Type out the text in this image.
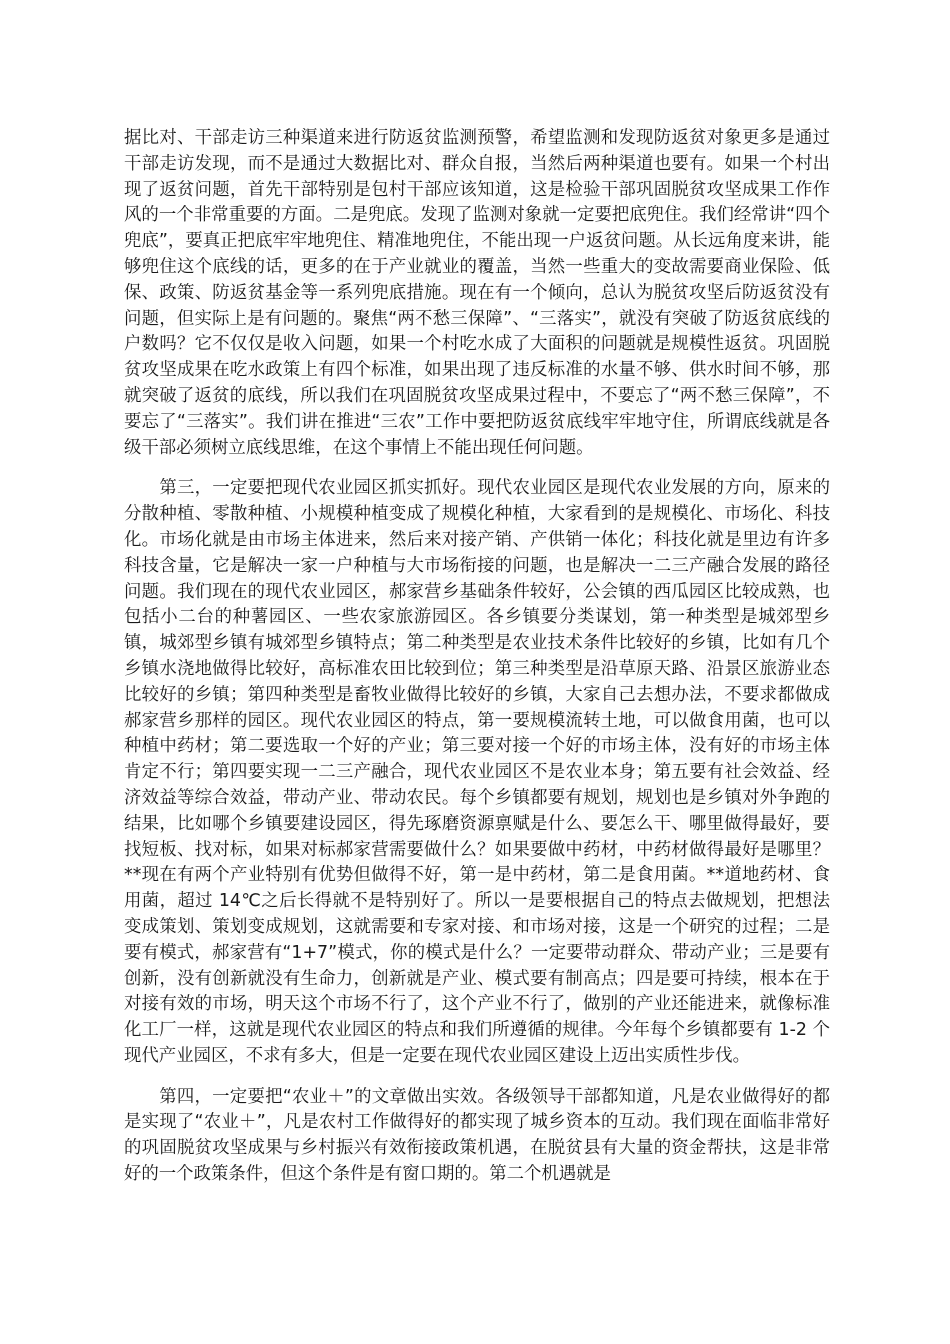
据比对、干部走访三种渠道来进行防返贫监测预警，希望监测和发现防返贫对象更多是通过干部走访发现，而不是通过大数据比对、群众自报，当然后两种渠道也要有。如果一个村出现了返贫问题，首先干部特别是包村干部应该知道，这是检验干部巩固脱贫攻坚成果工作作风的一个非常重要的方面。二是兜底。发现了监测对象就一定要把底兜住。我们经常讲“四个兜底”，要真正把底牢牢地兜住、精准地兜住，不能出现一户返贫问题。从长远角度来讲，能够兜住这个底线的话，更多的在于产业就业的覆盖，当然一些重大的变故需要商业保险、低保、政策、防返贫基金等一系列兜底措施。现在有一个倾向，总认为脱贫攻坚后防返贫没有问题，但实际上是有问题的。聚焦“两不愁三保障”、“三落实”，就没有突破了防返贫底线的户数吗？它不仅仅是收入问题，如果一个村吃水成了大面积的问题就是规模性返贫。巩固脱贫攻坚成果在吃水政策上有四个标准，如果出现了违反标准的水量不够、供水时间不够，那就突破了返贫的底线，所以我们在巩固脱贫攻坚成果过程中，不要忘了“两不愁三保障”，不要忘了“三落实”。我们讲在推进“三农”工作中要把防返贫底线牢牢地守住，所谓底线就是各级干部必须树立底线思维，在这个事情上不能出现任何问题。

　　第三，一定要把现代农业园区抓实抓好。现代农业园区是现代农业发展的方向，原来的分散种植、零散种植、小规模种植变成了规模化种植，大家看到的是规模化、市场化、科技化。市场化就是由市场主体进来，然后来对接产销、产供销一体化；科技化就是里边有许多科技含量，它是解决一家一户种植与大市场衔接的问题，也是解决一二三产融合发展的路径问题。我们现在的现代农业园区，郝家营乡基础条件较好，公会镇的西瓜园区比较成熟，也包括小二台的种薯园区、一些农家旅游园区。各乡镇要分类谋划，第一种类型是城郊型乡镇，城郊型乡镇有城郊型乡镇特点；第二种类型是农业技术条件比较好的乡镇，比如有几个乡镇水浇地做得比较好，高标准农田比较到位；第三种类型是沿草原天路、沿景区旅游业态比较好的乡镇；第四种类型是畜牧业做得比较好的乡镇，大家自己去想办法，不要求都做成郝家营乡那样的园区。现代农业园区的特点，第一要规模流转土地，可以做食用菌，也可以种植中药材；第二要选取一个好的产业；第三要对接一个好的市场主体，没有好的市场主体肯定不行；第四要实现一二三产融合，现代农业园区不是农业本身；第五要有社会效益、经济效益等综合效益，带动产业、带动农民。每个乡镇都要有规划，规划也是乡镇对外争跑的结果，比如哪个乡镇要建设园区，得先琢磨资源禀赋是什么、要怎么干、哪里做得最好，要找短板、找对标，如果对标郝家营需要做什么？如果要做中药材，中药材做得最好是哪里？**现在有两个产业特别有优势但做得不好，第一是中药材，第二是食用菌。**道地药材、食用菌，超过 14℃之后长得就不是特别好了。所以一是要根据自己的特点去做规划，把想法变成策划、策划变成规划，这就需要和专家对接、和市场对接，这是一个研究的过程；二是要有模式，郝家营有“1+7”模式，你的模式是什么？一定要带动群众、带动产业；三是要有创新，没有创新就没有生命力，创新就是产业、模式要有制高点；四是要可持续，根本在于对接有效的市场，明天这个市场不行了，这个产业不行了，做别的产业还能进来，就像标准化工厂一样，这就是现代农业园区的特点和我们所遵循的规律。今年每个乡镇都要有 1-2 个现代产业园区，不求有多大，但是一定要在现代农业园区建设上迈出实质性步伐。

　　第四，一定要把“农业＋”的文章做出实效。各级领导干部都知道，凡是农业做得好的都是实现了“农业＋”，凡是农村工作做得好的都实现了城乡资本的互动。我们现在面临非常好的巩固脱贫攻坚成果与乡村振兴有效衔接政策机遇，在脱贫县有大量的资金帮扶，这是非常好的一个政策条件，但这个条件是有窗口期的。第二个机遇就是
